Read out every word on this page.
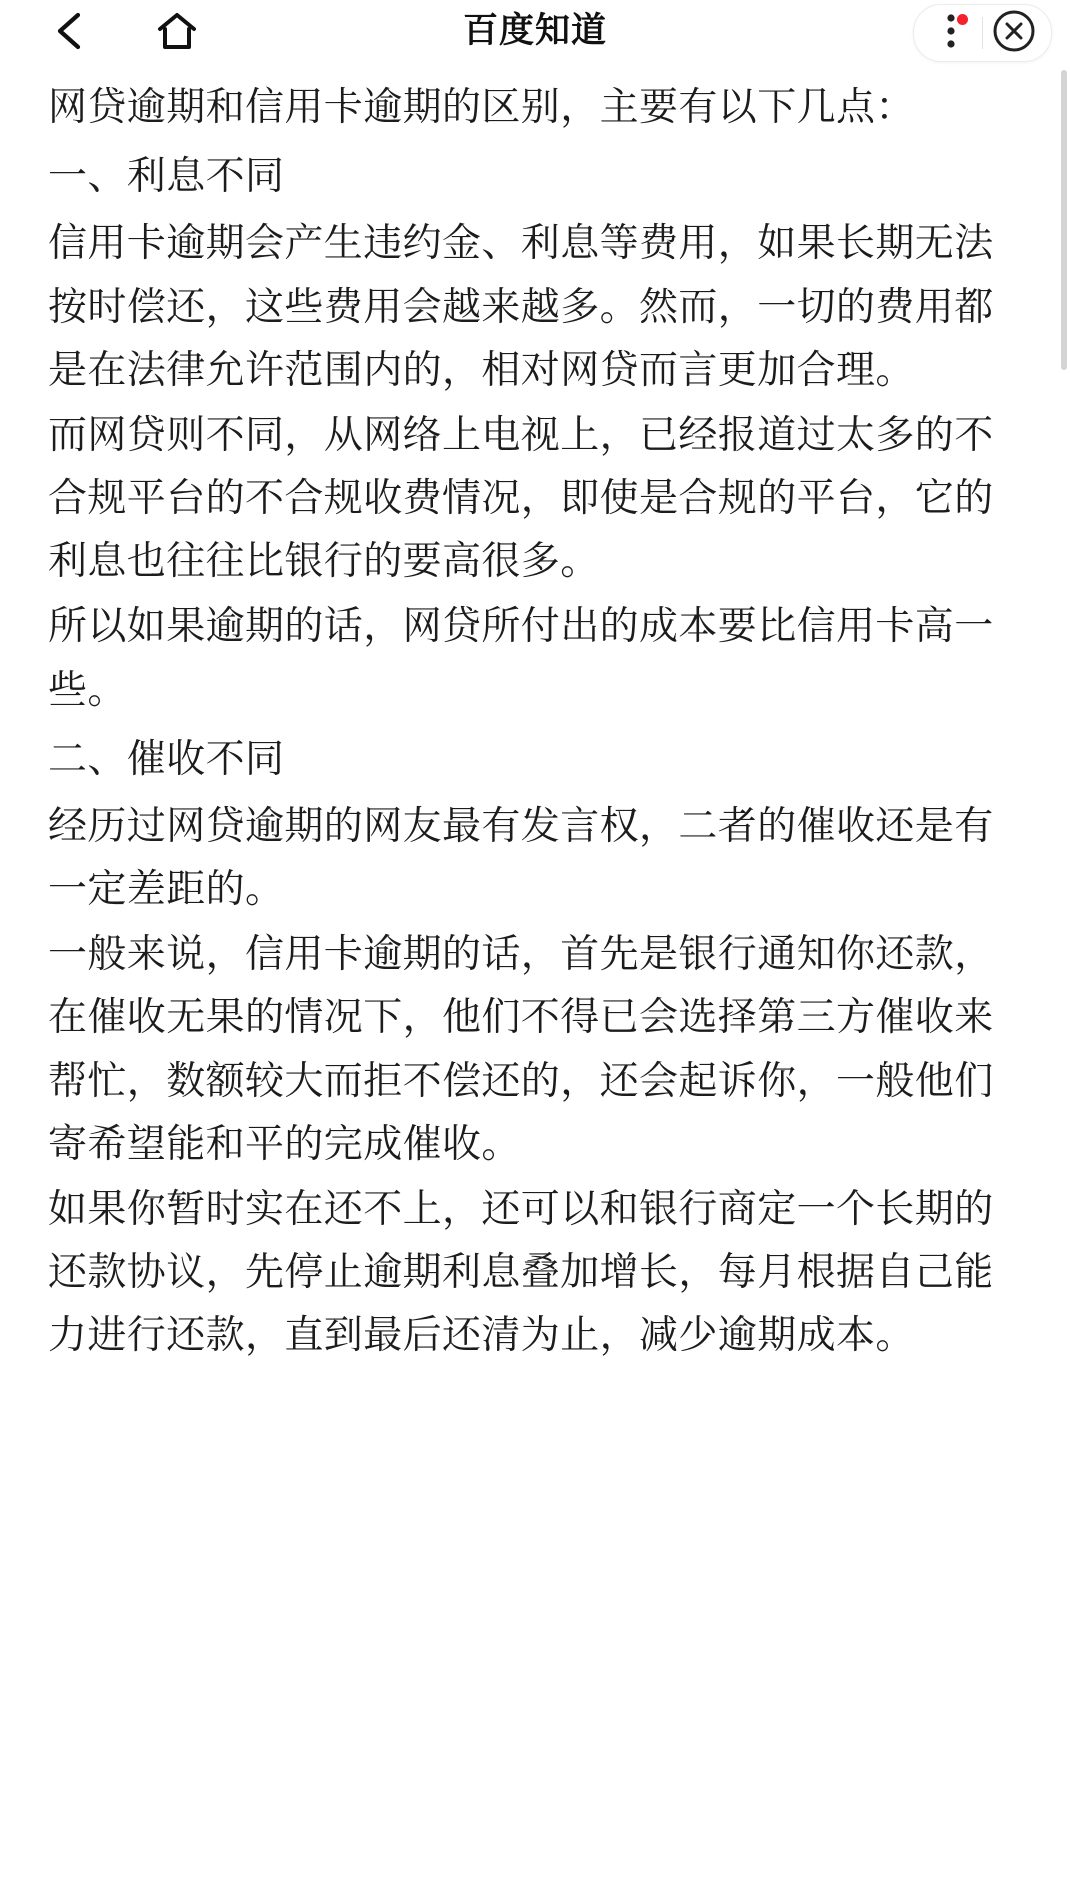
百度知道

网贷逾期和信用卡逾期的区别，主要有以下几点：

一、利息不同

信用卡逾期会产生违约金、利息等费用，如果长期无法按时偿还，这些费用会越来越多。然而，一切的费用都是在法律允许范围内的，相对网贷而言更加合理。

而网贷则不同，从网络上电视上，已经报道过太多的不合规平台的不合规收费情况，即使是合规的平台，它的利息也往往比银行的要高很多。

所以如果逾期的话，网贷所付出的成本要比信用卡高一些。

二、催收不同

经历过网贷逾期的网友最有发言权，二者的催收还是有一定差距的。

一般来说，信用卡逾期的话，首先是银行通知你还款，在催收无果的情况下，他们不得已会选择第三方催收来帮忙，数额较大而拒不偿还的，还会起诉你，一般他们寄希望能和平的完成催收。

如果你暂时实在还不上，还可以和银行商定一个长期的还款协议，先停止逾期利息叠加增长，每月根据自己能力进行还款，直到最后还清为止，减少逾期成本。
